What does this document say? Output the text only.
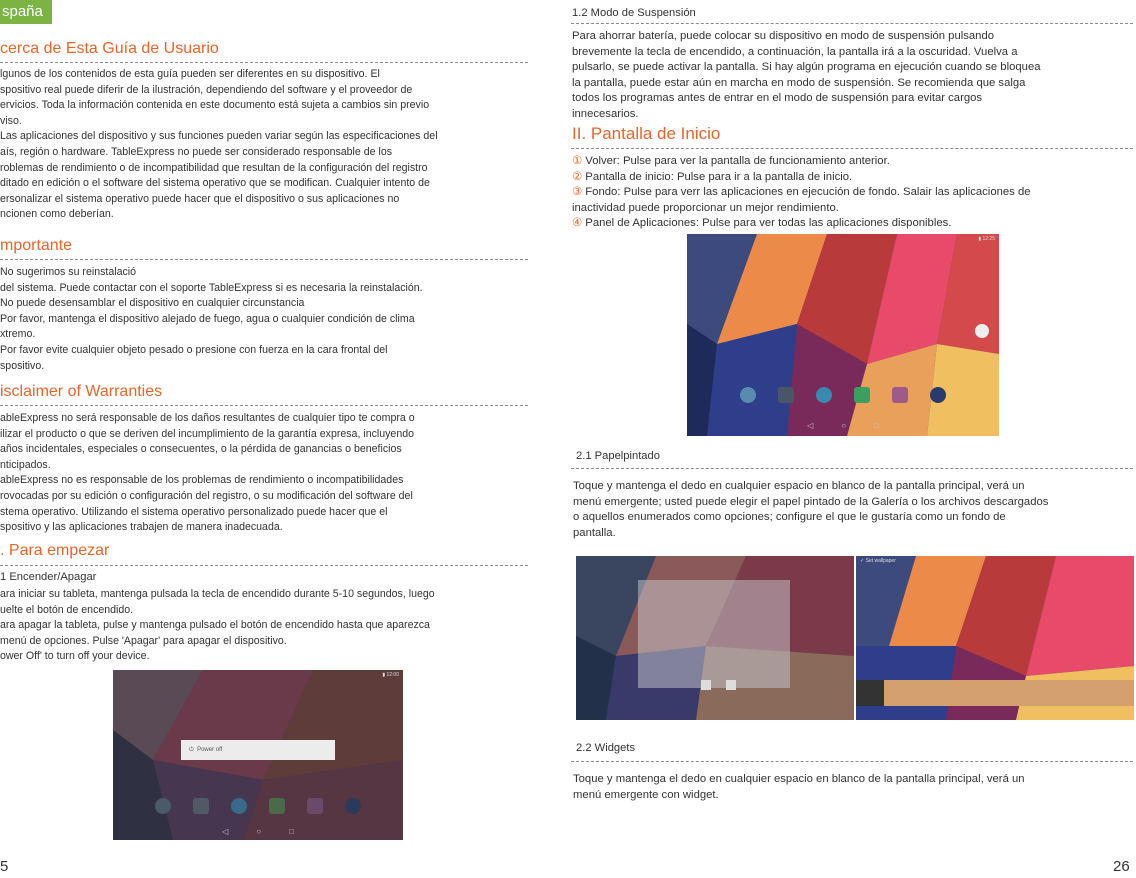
spaña
cerca de Esta Guía de Usuario
lgunos de los contenidos de esta guía pueden ser diferentes en su dispositivo. El
spositivo real puede diferir de la ilustración, dependiendo del software y el proveedor de
ervicios. Toda la información contenida en este documento está sujeta a cambios sin previo
viso.
Las aplicaciones del dispositivo y sus funciones pueden variar según las especificaciones del
aís, región o hardware. TableExpress no puede ser considerado responsable de los
roblemas de rendimiento o de incompatibilidad que resultan de la configuración del registro
ditado en edición o el software del sistema operativo que se modifican. Cualquier intento de
ersonalizar el sistema operativo puede hacer que el dispositivo o sus aplicaciones no
ncionen como deberían.
mportante
No sugerimos su reinstalació
del sistema. Puede contactar con el soporte TableExpress si es necesaria la reinstalación.
No puede desensamblar el dispositivo en cualquier circunstancia
Por favor, mantenga el dispositivo alejado de fuego, agua o cualquier condición de clima
xtremo.
Por favor evite cualquier objeto pesado o presione con fuerza en la cara frontal del
spositivo.
isclaimer of Warranties
ableExpress no será responsable de los daños resultantes de cualquier tipo te compra o
ilizar el producto o que se deriven del incumplimiento de la garantía expresa, incluyendo
años incidentales, especiales o consecuentes, o la pérdida de ganancias o beneficios
nticipados.
ableExpress no es responsable de los problemas de rendimiento o incompatibilidades
rovocadas por su edición o configuración del registro, o su modificación del software del
stema operativo. Utilizando el sistema operativo personalizado puede hacer que el
spositivo y las aplicaciones trabajen de manera inadecuada.
. Para empezar
1 Encender/Apagar
ara iniciar su tableta, mantenga pulsada la tecla de encendido durante 5-10 segundos, luego
uelte el botón de encendido.
ara apagar la tableta, pulse y mantenga pulsado el botón de encendido hasta que aparezca
menú de opciones. Pulse 'Apagar' para apagar el dispositivo.
ower Off' to turn off your device.
▮ 12:00
⏻  Power off
◁	○	□
5
1.2 Modo de Suspensión
Para ahorrar batería, puede colocar su dispositivo en modo de suspensión pulsando
brevemente la tecla de encendido, a continuación, la pantalla irá a la oscuridad. Vuelva a
pulsarlo, se puede activar la pantalla. Si hay algún programa en ejecución cuando se bloquea
la pantalla, puede estar aún en marcha en modo de suspensión. Se recomienda que salga
todos los programas antes de entrar en el modo de suspensión para evitar cargos
innecesarios.
II. Pantalla de Inicio
① Volver: Pulse para ver la pantalla de funcionamiento anterior.
② Pantalla de inicio: Pulse para ir a la pantalla de inicio.
③ Fondo: Pulse para verr las aplicaciones en ejecución de fondo. Salair las aplicaciones de
inactividad puede proporcionar un mejor rendimiento.
④ Panel de Aplicaciones: Pulse para ver todas las aplicaciones disponibles.
▮ 12:25
◁	○	□
2.1 Papelpintado
Toque y mantenga el dedo en cualquier espacio en blanco de la pantalla principal, verá un
menú emergente; usted puede elegir el papel pintado de la Galería o los archivos descargados
o aquellos enumerados como opciones; configure el que le gustaría como un fondo de
pantalla.
✓ Set wallpaper
2.2 Widgets
Toque y mantenga el dedo en cualquier espacio en blanco de la pantalla principal, verá un
menú emergente con widget.
26
